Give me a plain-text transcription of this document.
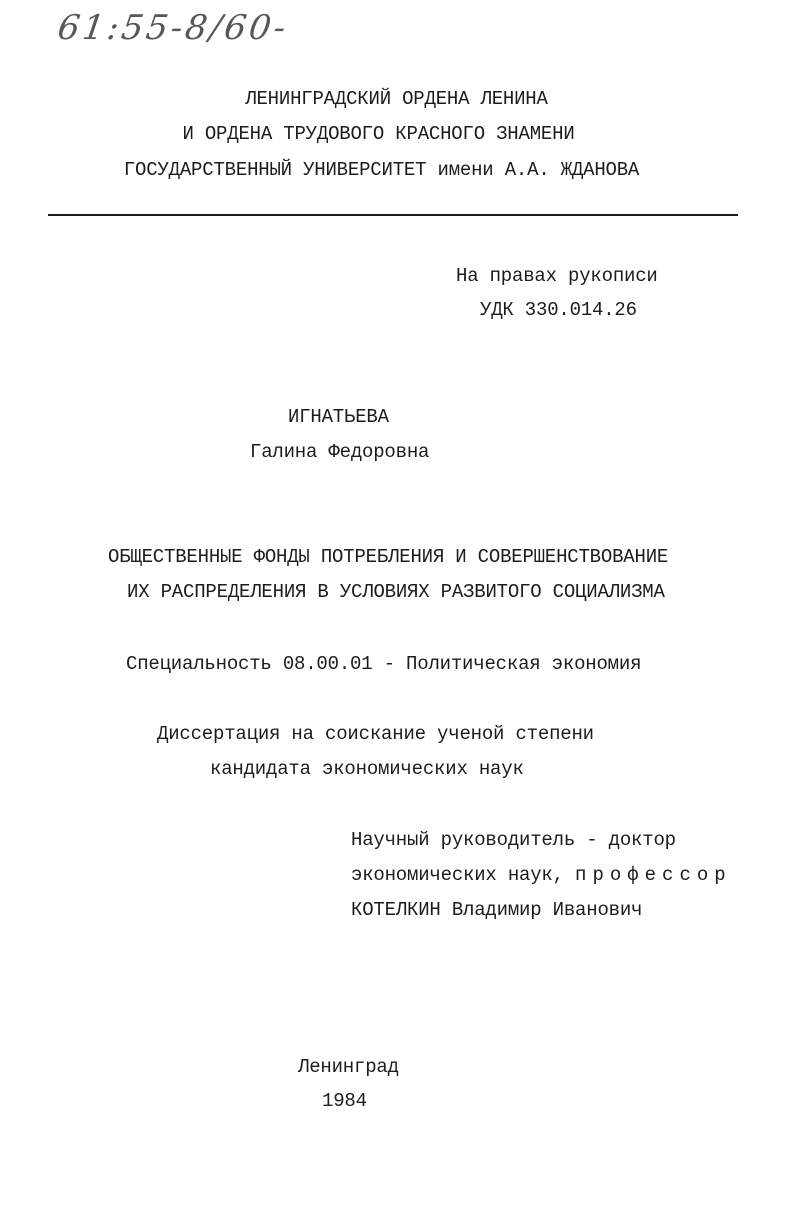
61:55-8/60-
ЛЕНИНГРАДСКИЙ ОРДЕНА ЛЕНИНА
И ОРДЕНА ТРУДОВОГО КРАСНОГО ЗНАМЕНИ
ГОСУДАРСТВЕННЫЙ УНИВЕРСИТЕТ имени А.А. ЖДАНОВА
На правах рукописи
УДК 330.014.26
ИГНАТЬЕВА
Галина Федоровна
ОБЩЕСТВЕННЫЕ ФОНДЫ ПОТРЕБЛЕНИЯ И СОВЕРШЕНСТВОВАНИЕ
ИХ РАСПРЕДЕЛЕНИЯ В УСЛОВИЯХ РАЗВИТОГО СОЦИАЛИЗМА
Специальность 08.00.01 - Политическая экономия
Диссертация на соискание ученой степени
кандидата экономических наук
Научный руководитель - доктор
экономических наук, профессор
КОТЕЛКИН Владимир Иванович
Ленинград
1984
